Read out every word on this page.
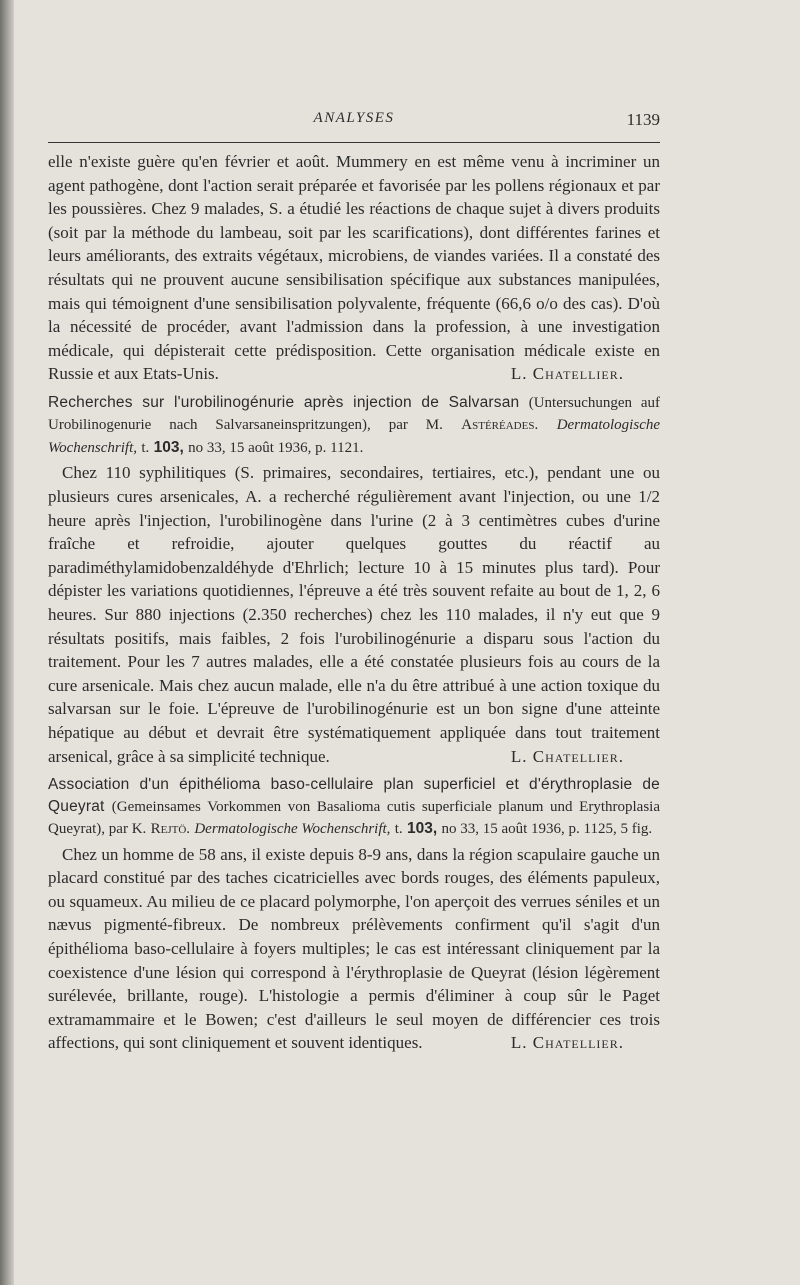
ANALYSES	1139

elle n'existe guère qu'en février et août. Mummery en est même venu à incriminer un agent pathogène, dont l'action serait préparée et favorisée par les pollens régionaux et par les poussières. Chez 9 malades, S. a étudié les réactions de chaque sujet à divers produits (soit par la méthode du lambeau, soit par les scarifications), dont différentes farines et leurs améliorants, des extraits végétaux, microbiens, de viandes variées. Il a constaté des résultats qui ne prouvent aucune sensibilisation spécifique aux substances manipulées, mais qui témoignent d'une sensibilisation polyvalente, fréquente (66,6 o/o des cas). D'où la nécessité de procéder, avant l'admission dans la profession, à une investigation médicale, qui dépisterait cette prédisposition. Cette organisation médicale existe en Russie et aux Etats-Unis.	L. Chatellier.

Recherches sur l'urobilinogénurie après injection de Salvarsan (Untersuchungen auf Urobilinogenurie nach Salvarsaneinspritzungen), par M. Astéréades. Dermatologische Wochenschrift, t. 103, no 33, 15 août 1936, p. 1121.

Chez 110 syphilitiques (S. primaires, secondaires, tertiaires, etc.), pendant une ou plusieurs cures arsenicales, A. a recherché régulièrement avant l'injection, ou une 1/2 heure après l'injection, l'urobilinogène dans l'urine (2 à 3 centimètres cubes d'urine fraîche et refroidie, ajouter quelques gouttes du réactif au paradiméthylamidobenzaldéhyde d'Ehrlich; lecture 10 à 15 minutes plus tard). Pour dépister les variations quotidiennes, l'épreuve a été très souvent refaite au bout de 1, 2, 6 heures. Sur 880 injections (2.350 recherches) chez les 110 malades, il n'y eut que 9 résultats positifs, mais faibles, 2 fois l'urobilinogénurie a disparu sous l'action du traitement. Pour les 7 autres malades, elle a été constatée plusieurs fois au cours de la cure arsenicale. Mais chez aucun malade, elle n'a du être attribué à une action toxique du salvarsan sur le foie. L'épreuve de l'urobilinogénurie est un bon signe d'une atteinte hépatique au début et devrait être systématiquement appliquée dans tout traitement arsenical, grâce à sa simplicité technique.	L. Chatellier.

Association d'un épithélioma baso-cellulaire plan superficiel et d'érythroplasie de Queyrat (Gemeinsames Vorkommen von Basalioma cutis superficiale planum und Erythroplasia Queyrat), par K. Rejtö. Dermatologische Wochenschrift, t. 103, no 33, 15 août 1936, p. 1125, 5 fig.

Chez un homme de 58 ans, il existe depuis 8-9 ans, dans la région scapulaire gauche un placard constitué par des taches cicatricielles avec bords rouges, des éléments papuleux, ou squameux. Au milieu de ce placard polymorphe, l'on aperçoit des verrues séniles et un nævus pigmenté-fibreux. De nombreux prélèvements confirment qu'il s'agit d'un épithélioma baso-cellulaire à foyers multiples; le cas est intéressant cliniquement par la coexistence d'une lésion qui correspond à l'érythroplasie de Queyrat (lésion légèrement surélevée, brillante, rouge). L'histologie a permis d'éliminer à coup sûr le Paget extramammaire et le Bowen; c'est d'ailleurs le seul moyen de différencier ces trois affections, qui sont cliniquement et souvent identiques.	L. Chatellier.
